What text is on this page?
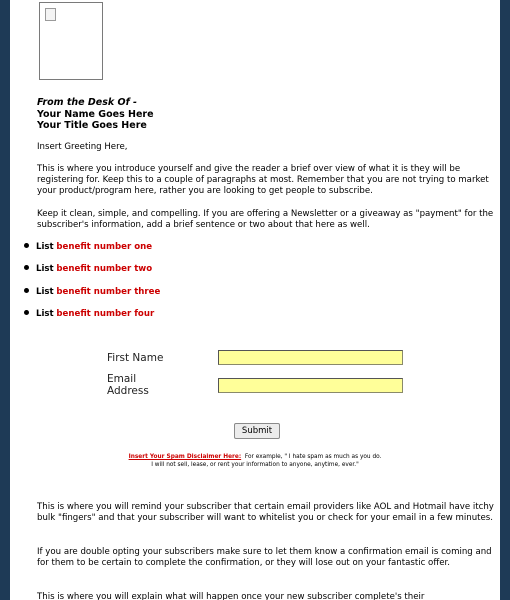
From the Desk Of -
Your Name Goes Here
Your Title Goes Here
Insert Greeting Here,
This is where you introduce yourself and give the reader a brief over view of what it is they will be registering for. Keep this to a couple of paragraphs at most. Remember that you are not trying to market your product/program here, rather you are looking to get people to subscribe.
Keep it clean, simple, and compelling. If you are offering a Newsletter or a giveaway as "payment" for the subscriber's information, add a brief sentence or two about that here as well.
List benefit number one
List benefit number two
List benefit number three
List benefit number four
First Name
Email
Address
Submit
Insert Your Spam Disclaimer Here: For example, " I hate spam as much as you do.
I will not sell, lease, or rent your information to anyone, anytime, ever."
This is where you will remind your subscriber that certain email providers like AOL and Hotmail have itchy bulk "fingers" and that your subscriber will want to whitelist you or check for your email in a few minutes.
If you are double opting your subscribers make sure to let them know a confirmation email is coming and for them to be certain to complete the confirmation, or they will lose out on your fantastic offer.
This is where you will explain what will happen once your new subscriber complete's their
